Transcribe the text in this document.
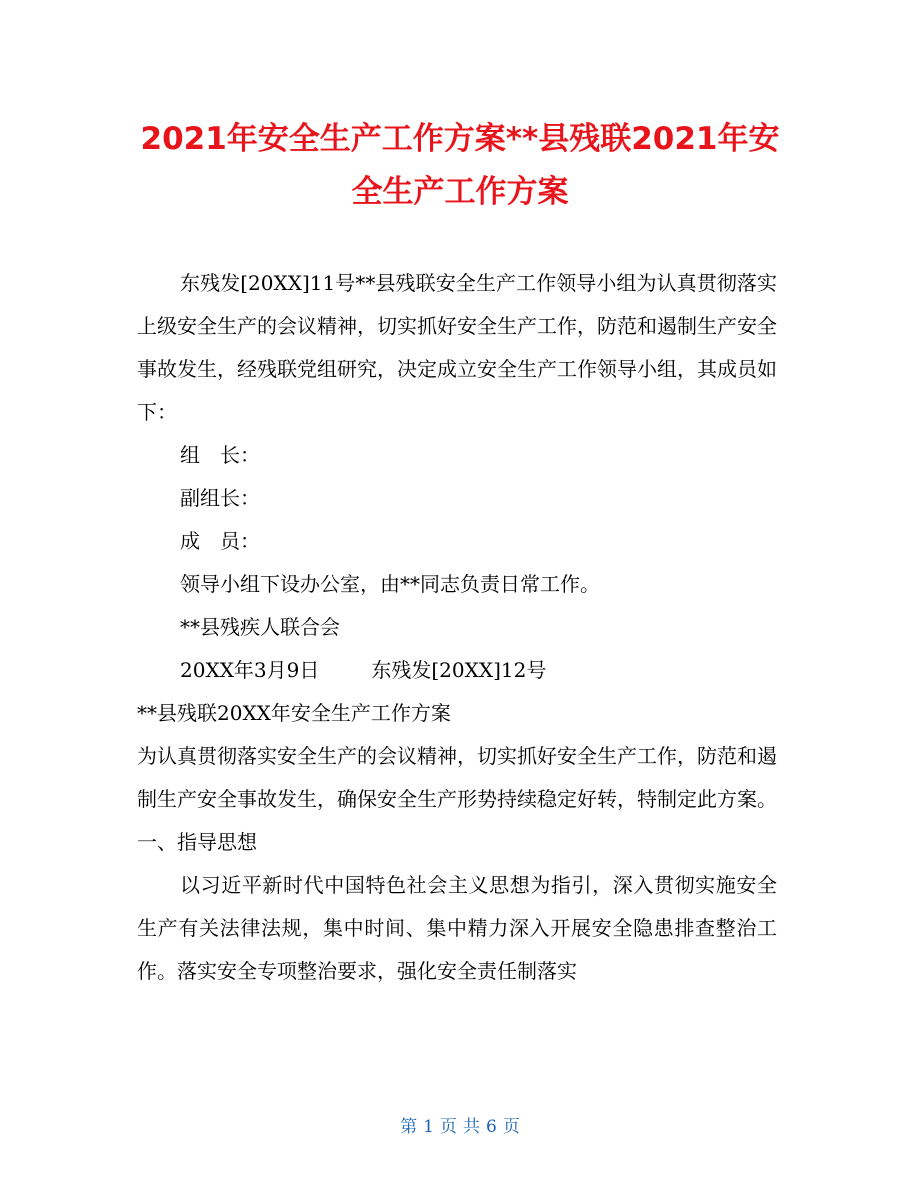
2021年安全生产工作方案**县残联2021年安
全生产工作方案

东残发[20XX]11号**县残联安全生产工作领导小组为认真贯彻落实上级安全生产的会议精神，切实抓好安全生产工作，防范和遏制生产安全事故发生，经残联党组研究，决定成立安全生产工作领导小组，其成员如下：

组　长：

副组长：

成　员：

领导小组下设办公室，由**同志负责日常工作。

**县残疾人联合会

20XX年3月9日	东残发[20XX]12号

**县残联20XX年安全生产工作方案

为认真贯彻落实安全生产的会议精神，切实抓好安全生产工作，防范和遏制生产安全事故发生，确保安全生产形势持续稳定好转，特制定此方案。 一、指导思想

以习近平新时代中国特色社会主义思想为指引，深入贯彻实施安全生产有关法律法规，集中时间、集中精力深入开展安全隐患排查整治工作。落实安全专项整治要求，强化安全责任制落实

第 1 页 共 6 页
